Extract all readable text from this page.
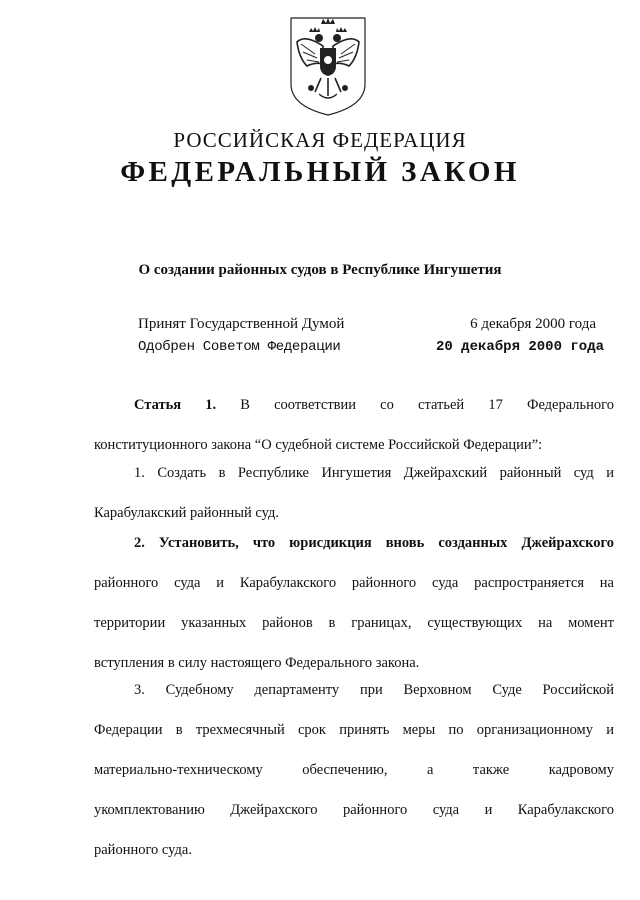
РОССИЙСКАЯ ФЕДЕРАЦИЯ
ФЕДЕРАЛЬНЫЙ ЗАКОН
О создании районных судов в Республике Ингушетия
Принят Государственной Думой	6 декабря 2000 года
Одобрен Советом Федерации	20 декабря 2000 года
Статья 1. В соответствии со статьей 17 Федерального
конституционного закона “О судебной системе Российской Федерации”:
1. Создать в Республике Ингушетия Джейрахский районный суд и
Карабулакский районный суд.
2. Установить, что юрисдикция вновь созданных Джейрахского
районного суда и Карабулакского районного суда распространяется на
территории указанных районов в границах, существующих на момент
вступления в силу настоящего Федерального закона.
3. Судебному департаменту при Верховном Суде Российской
Федерации в трехмесячный срок принять меры по организационному и
материально-техническому обеспечению, а также кадровому
укомплектованию Джейрахского районного суда и Карабулакского
районного суда.
